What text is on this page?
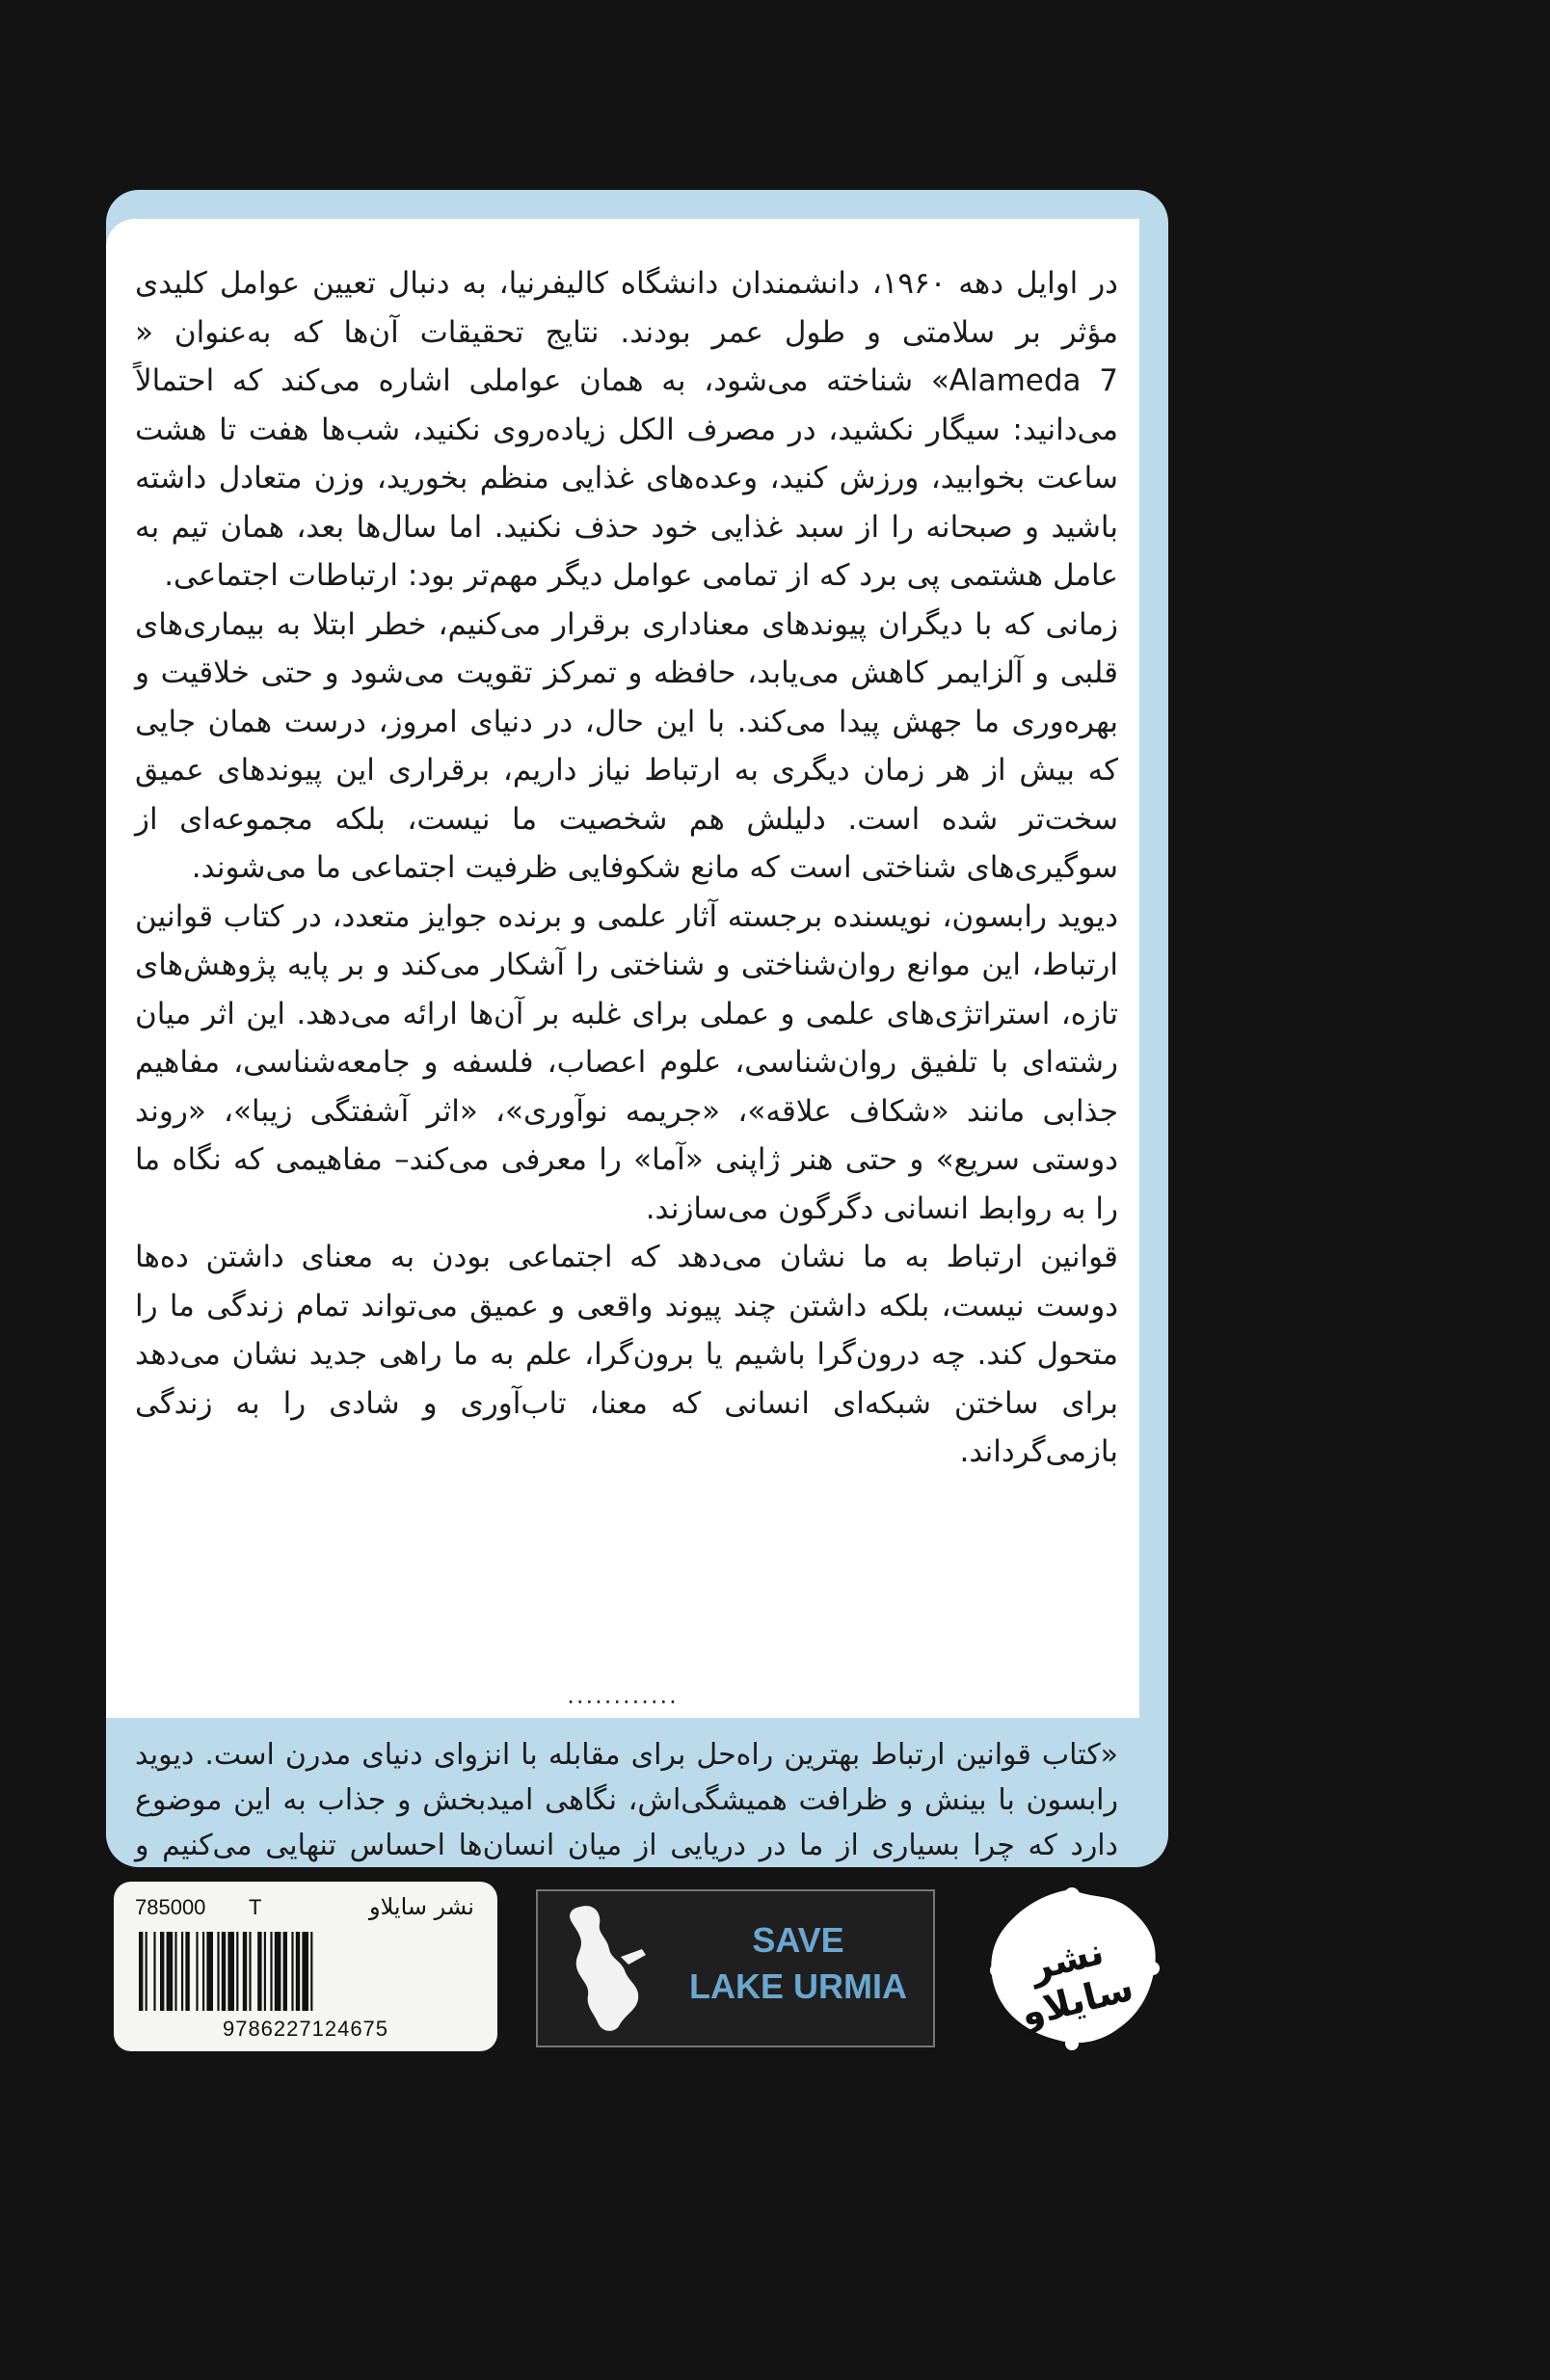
در اوایل دهه ۱۹۶۰، دانشمندان دانشگاه کالیفرنیا، به دنبال تعیین عوامل کلیدی مؤثر بر سلامتی و طول عمر بودند. نتایج تحقیقات آن‌ها که به‌عنوان « Alameda 7» شناخته می‌شود، به همان عواملی اشاره می‌کند که احتمالاً می‌دانید: سیگار نکشید، در مصرف الکل زیاده‌روی نکنید، شب‌ها هفت تا هشت ساعت بخوابید، ورزش کنید، وعده‌های غذایی منظم بخورید، وزن متعادل داشته باشید و صبحانه را از سبد غذایی خود حذف نکنید. اما سال‌ها بعد، همان تیم به عامل هشتمی پی برد که از تمامی عوامل دیگر مهم‌تر بود: ارتباطات اجتماعی.

زمانی که با دیگران پیوندهای معناداری برقرار می‌کنیم، خطر ابتلا به بیماری‌های قلبی و آلزایمر کاهش می‌یابد، حافظه و تمرکز تقویت می‌شود و حتی خلاقیت و بهره‌وری ما جهش پیدا می‌کند. با این حال، در دنیای امروز، درست همان جایی که بیش از هر زمان دیگری به ارتباط نیاز داریم، برقراری این پیوندهای عمیق سخت‌تر شده است. دلیلش هم شخصیت ما نیست، بلکه مجموعه‌ای از سوگیری‌های شناختی است که مانع شکوفایی ظرفیت اجتماعی ما می‌شوند.

دیوید رابسون، نویسنده برجسته آثار علمی و برنده جوایز متعدد، در کتاب قوانین ارتباط، این موانع روان‌شناختی و شناختی را آشکار می‌کند و بر پایه پژوهش‌های تازه، استراتژی‌های علمی و عملی برای غلبه بر آن‌ها ارائه می‌دهد. این اثر میان رشته‌ای با تلفیق روان‌شناسی، علوم اعصاب، فلسفه و جامعه‌شناسی، مفاهیم جذابی مانند «شکاف علاقه»، «جریمه نوآوری»، «اثر آشفتگی زیبا»، «روند دوستی سریع» و حتی هنر ژاپنی «آما» را معرفی می‌کند– مفاهیمی که نگاه ما را به روابط انسانی دگرگون می‌سازند.

قوانین ارتباط به ما نشان می‌دهد که اجتماعی بودن به معنای داشتن ده‌ها دوست نیست، بلکه داشتن چند پیوند واقعی و عمیق می‌تواند تمام زندگی ما را متحول کند. چه درون‌گرا باشیم یا برون‌گرا، علم به ما راهی جدید نشان می‌دهد برای ساختن شبکه‌ای انسانی که معنا، تاب‌آوری و شادی را به زندگی بازمی‌گرداند.

............

«کتاب قوانین ارتباط بهترین راه‌حل برای مقابله با انزوای دنیای مدرن است. دیوید رابسون با بینش و ظرافت همیشگی‌اش، نگاهی امیدبخش و جذاب به این موضوع دارد که چرا بسیاری از ما در دریایی از میان انسان‌ها احساس تنهایی می‌کنیم و

785000 T	نشر سایلاو
9786227124675
SAVE
LAKE URMIA	نشر سایلاو
